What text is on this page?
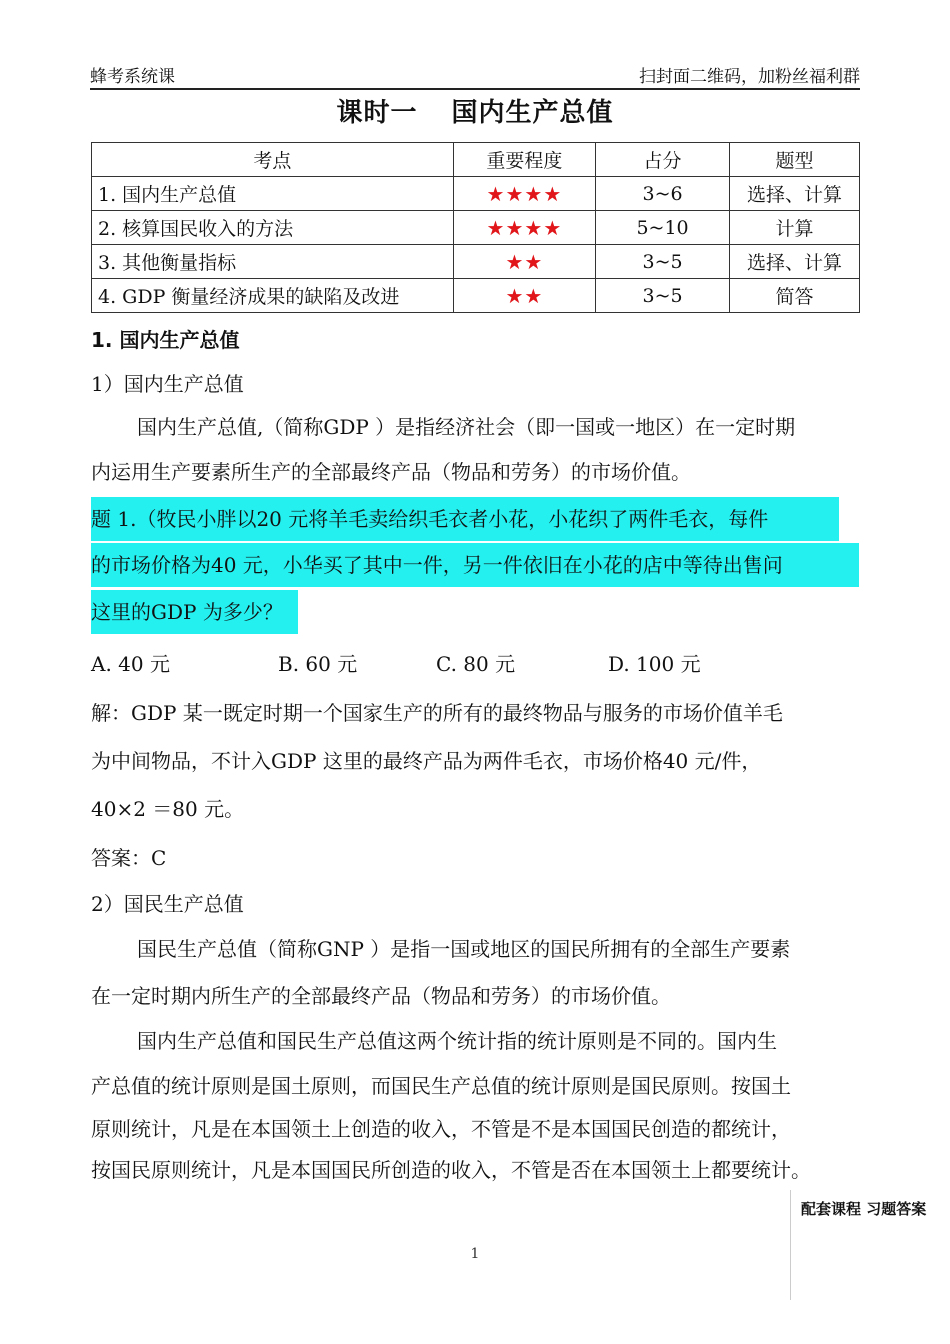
蜂考系统课	扫封面二维码，加粉丝福利群
课时一 国内生产总值
考点	重要程度	占分	题型
1. 国内生产总值	★★★★	3~6	选择、计算
2. 核算国民收入的方法	★★★★	5~10	计算
3. 其他衡量指标	★★	3~5	选择、计算
4. GDP 衡量经济成果的缺陷及改进	★★	3~5	简答
1. 国内生产总值
1）国内生产总值
国内生产总值,（简称GDP ）是指经济社会（即一国或一地区）在一定时期
内运用生产要素所生产的全部最终产品（物品和劳务）的市场价值。
题 1.（牧民小胖以20 元将羊毛卖给织毛衣者小花，小花织了两件毛衣，每件
的市场价格为40 元，小华买了其中一件，另一件依旧在小花的店中等待出售问
这里的GDP 为多少？
A. 40 元	B. 60 元	C. 80 元	D. 100 元
解：GDP 某一既定时期一个国家生产的所有的最终物品与服务的市场价值羊毛
为中间物品，不计入GDP 这里的最终产品为两件毛衣，市场价格40 元/件，
40×2 ＝80 元。
答案：C
2）国民生产总值
国民生产总值（简称GNP ）是指一国或地区的国民所拥有的全部生产要素
在一定时期内所生产的全部最终产品（物品和劳务）的市场价值。
国内生产总值和国民生产总值这两个统计指的统计原则是不同的。国内生
产总值的统计原则是国土原则，而国民生产总值的统计原则是国民原则。按国土
原则统计，凡是在本国领土上创造的收入，不管是不是本国国民创造的都统计，
按国民原则统计，凡是本国国民所创造的收入，不管是否在本国领土上都要统计。
配套课程 习题答案
1
